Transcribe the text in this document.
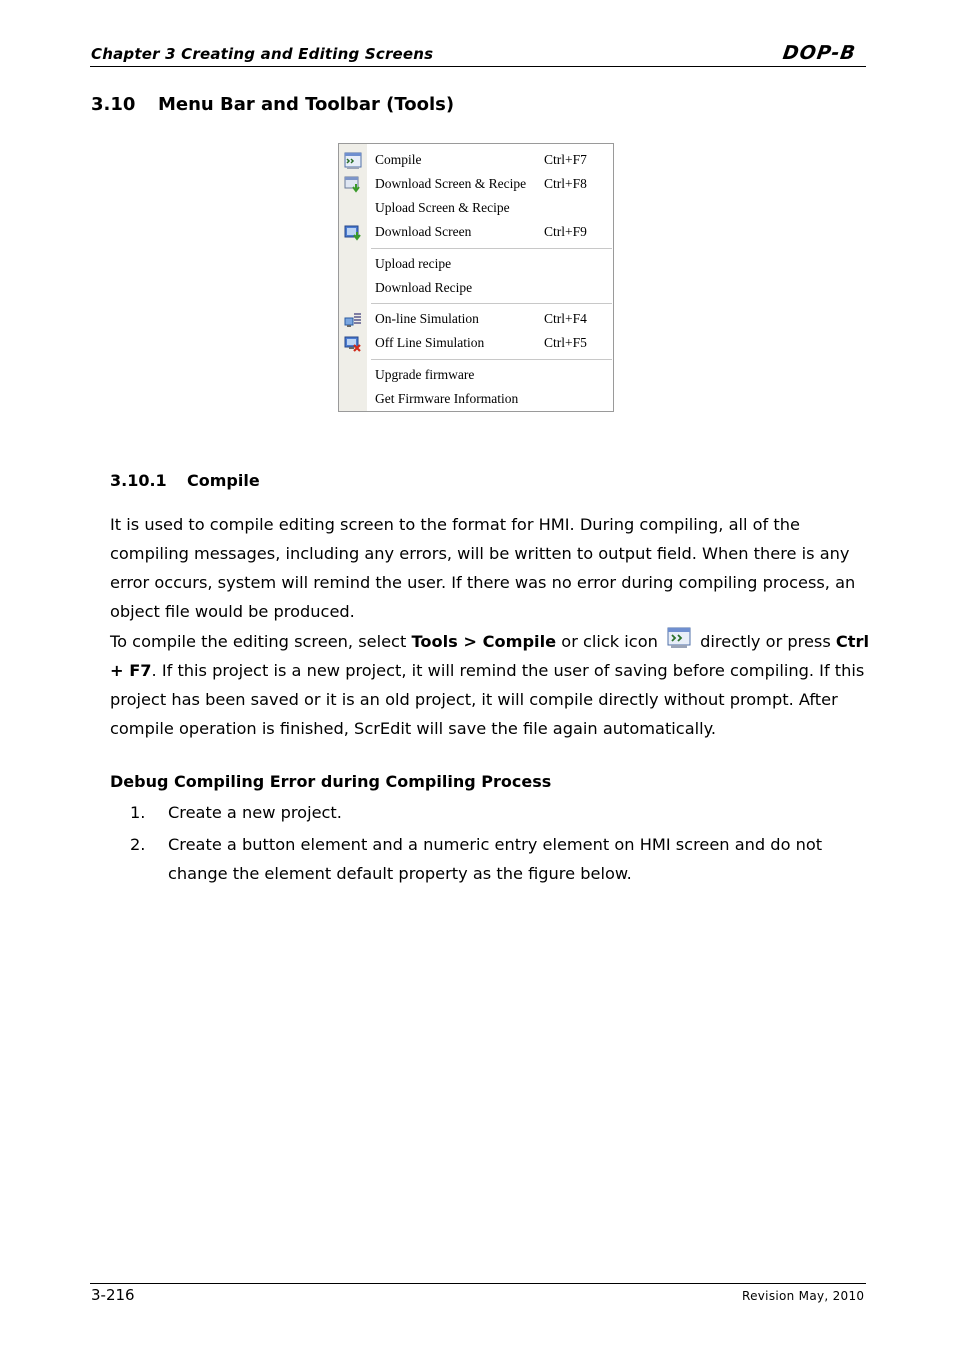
Chapter 3 Creating and Editing Screens	DOP-B
3.10 Menu Bar and Toolbar (Tools)
Compile	Ctrl+F7
Download Screen & Recipe Ctrl+F8
Upload Screen & Recipe
Download Screen	Ctrl+F9
Upload recipe
Download Recipe
On-line Simulation	Ctrl+F4
Off Line Simulation	Ctrl+F5
Upgrade firmware
Get Firmware Information
3.10.1 Compile
It is used to compile editing screen to the format for HMI. During compiling, all of the compiling messages, including any errors, will be written to output field. When there is any error occurs, system will remind the user. If there was no error during compiling process, an object file would be produced.
To compile the editing screen, select Tools > Compile or click icon  directly or press Ctrl + F7. If this project is a new project, it will remind the user of saving before compiling. If this project has been saved or it is an old project, it will compile directly without prompt. After compile operation is finished, ScrEdit will save the file again automatically.
Debug Compiling Error during Compiling Process
1. Create a new project.
2. Create a button element and a numeric entry element on HMI screen and do not change the element default property as the figure below.
3-216	Revision May, 2010
